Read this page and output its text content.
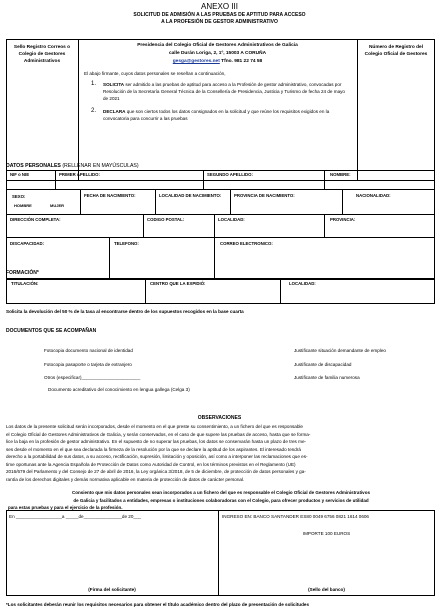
ANEXO III
SOLICITUD DE ADMISIÓN A LAS PRUEBAS DE APTITUD PARA ACCESO
A LA PROFESIÓN DE GESTOR ADMINISTRATIVO
Sello Registro Correos o Colegio de Gestores Administrativos
Número de Registro del Colegio Oficial de Gestores
Presidencia del Colegio Oficial de Gestores Administrativos de Galicia
calle Durán Loriga, 2, 1º, 15003 A CORUÑA
gesga@gestores.net Tfno. 981 22 74 58
El abajo firmante, cuyos datos personales se reseñan a continuación,
1. SOLICITA ser admitido a las pruebas de aptitud para acceso a la Profesión de gestor administrativo, convocadas por Resolución de la Secretaría General Técnica de la Consellería de Presidencia, Justicia y Turismo de fecha 24 de mayo de 2021
2. DECLARA que son ciertos todos los datos consignados en la solicitud y que reúne los requisitos exigidos en la convocatoria para concurrir a las pruebas
DATOS PERSONALES (RELLENAR EN MAYÚSCULAS)
NIF o NIE	PRIMER APELLIDO:	SEGUNDO APELLIDO:	NOMBRE:
SEXO:
HOMBRE	MUJER
FECHA DE NACIMIENTO:	LOCALIDAD DE NACIMIENTO:	PROVINCIA DE NACIMIENTO:	NACIONALIDAD:
DIRECCIÓN COMPLETA:	CODIGO POSTAL:	LOCALIDAD:	PROVINCIA:
DISCAPACIDAD:	TELEFONO:	CORREO ELECTRONICO:
FORMACIÓN*
TITULACIÓN:	CENTRO QUE LA EXPIDIÓ:	LOCALIDAD:
Solicita la devolución del 50 % de la tasa al encontrarse dentro de los supuestos recogidos en la base cuarta
DOCUMENTOS QUE SE ACOMPAÑAN
Fotocopia documento nacional de identidad
Fotocopia pasaporte o tarjeta de extranjero
Otros (especificar)_______________________
Documento acreditativo del conocimiento en lengua gallega (Celga 3)
Justificante situación demandante de empleo
Justificante de discapacidad
Justificante de familia numerosa
OBSERVACIONES
Los datos de la presente solicitud serán incorporados, desde el momento en el que preste su consentimiento, a un fichero del que es responsable
el Colegio Oficial de Gestores Administrativos de Galicia, y serán conservados, en el caso de que supere las pruebas de acceso, hasta que se forma-
lice la baja en la profesión de gestor administrativo. En el supuesto de no superar las pruebas, los datos se conservarán hasta un plazo de tres me-
ses desde el momento en el que sea declarada la firmeza de la resolución por la que se declare la aptitud de los aspirantes. El interesado tendrá
derecho a la portabilidad de sus datos, a su acceso, rectificación, supresión, limitación y oposición, así como a interponer las reclamaciones que es-
time oportunas ante la Agencia Española de Protección de Datos como Autoridad de Control, en los términos previstos en el Reglamento (UE)
2016/679 del Parlamento y del Consejo de 27 de abril de 2016, la Ley orgánica 3/2018, de 5 de diciembre, de protección de datos personales y ga-
rantía de los derechos digitales y demás normativa aplicable en materia de protección de datos de carácter personal.
Consiento que mis datos personales sean incorporados a un fichero del que es responsable el Colegio Oficial de Gestores Administrativos
de Galicia y facilitados a entidades, empresas o instituciones colaboradoras con el Colegio, para ofrecer productos y servicios de utilidad
para estas pruebas y para el ejercicio de la profesión.
En __________________a _____de_______________de 20___
(Firma del solicitante)
INGRESO EN: BANCO SANTANDER ES80 0049 6756 0821 1614 0606
IMPORTE 100 EUROS
(Sello del banco)
*Los solicitantes deberán reunir los requisitos necesarios para obtener el título académico dentro del plazo de presentación de solicitudes
